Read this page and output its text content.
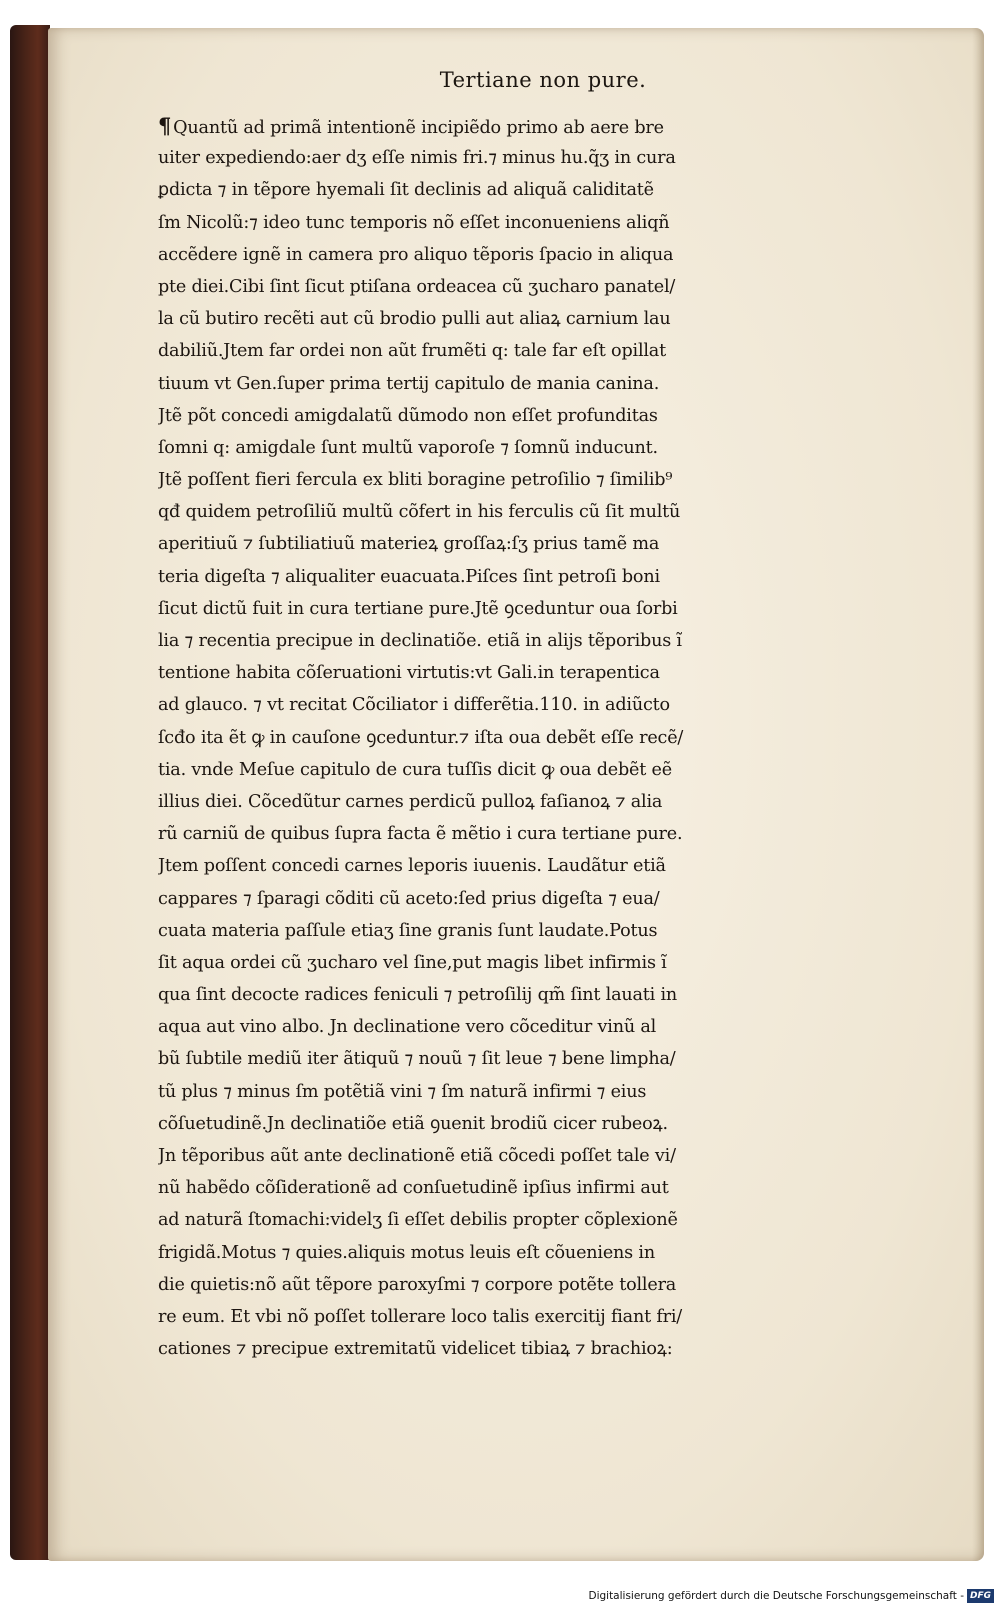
Tertiane non pure.
¶ Quantũ ad primã intentionẽ incipiẽdo primo ab aere bre
uiter expediendo:aer dʒ eſſe nimis fri.⁊ minus hu.q̃ʒ in cura
ꝑdicta ⁊ in tẽpore hyemali ſit declinis ad aliquã caliditatẽ
ſm Nicolũ:⁊ ideo tunc temporis nõ eſſet inconueniens aliqñ
accẽdere ignẽ in camera pro aliquo tẽporis ſpacio in aliqua
pte diei.Cibi ſint ſicut ptiſana ordeacea cũ ʒucharo panatel/
la cũ butiro recẽti aut cũ brodio pulli aut aliaꝝ carnium lau
dabiliũ.Jtem far ordei non aũt frumẽti q: tale far eſt opillat
tiuum vt Gen.ſuper prima tertij capitulo de mania canina.
Jtẽ põt concedi amigdalatũ dũmodo non eſſet profunditas
ſomni q: amigdale ſunt multũ vaporoſe ⁊ ſomnũ inducunt.
Jtẽ poſſent fieri fercula ex bliti boragine petroſilio ⁊ ſimilib⁹
qđ quidem petroſiliũ multũ cõfert in his ferculis cũ ſit multũ
aperitiuũ ⁊ ſubtiliatiuũ materieꝝ groſſaꝝ:ſʒ prius tamẽ ma
teria digeſta ⁊ aliqualiter euacuata.Piſces ſint petroſi boni
ſicut dictũ fuit in cura tertiane pure.Jtẽ ꝯceduntur oua ſorbi
lia ⁊ recentia precipue in declinatiõe. etiã in alijs tẽporibus ĩ
tentione habita cõſeruationi virtutis:vt Gali.in terapentica
ad glauco. ⁊ vt recitat Cõciliator i differẽtia.110. in adiũcto
ſcđo ita ẽt ꝙ in cauſone ꝯceduntur.⁊ iſta oua debẽt eſſe recẽ/
tia. vnde Meſue capitulo de cura tuſſis dicit ꝙ oua debẽt eẽ
illius diei. Cõcedũtur carnes perdicũ pulloꝝ faſianoꝝ ⁊ alia
rũ carniũ de quibus ſupra facta ẽ mẽtio i cura tertiane pure.
Jtem poſſent concedi carnes leporis iuuenis. Laudãtur etiã
cappares ⁊ ſparagi cõditi cũ aceto:ſed prius digeſta ⁊ eua/
cuata materia paſſule etiaʒ ſine granis ſunt laudate.Potus
ſit aqua ordei cũ ʒucharo vel ſine,put magis libet infirmis ĩ
qua ſint decocte radices feniculi ⁊ petroſilij qm̃ ſint lauati in
aqua aut vino albo. Jn declinatione vero cõceditur vinũ al
bũ ſubtile mediũ iter ãtiquũ ⁊ nouũ ⁊ ſit leue ⁊ bene limpha/
tũ plus ⁊ minus ſm potẽtiã vini ⁊ ſm naturã infirmi ⁊ eius
cõſuetudinẽ.Jn declinatiõe etiã ꝯuenit brodiũ cicer rubeoꝝ.
Jn tẽporibus aũt ante declinationẽ etiã cõcedi poſſet tale vi/
nũ habẽdo cõſiderationẽ ad conſuetudinẽ ipſius infirmi aut
ad naturã ſtomachi:videlʒ ſi eſſet debilis propter cõplexionẽ
frigidã.Motus ⁊ quies.aliquis motus leuis eſt cõueniens in
die quietis:nõ aũt tẽpore paroxyſmi ⁊ corpore potẽte tollera
re eum. Et vbi nõ poſſet tollerare loco talis exercitij fiant fri/
cationes ⁊ precipue extremitatũ videlicet tibiaꝝ ⁊ brachioꝝ:
Digitalisierung gefördert durch die Deutsche Forschungsgemeinschaft - DFG
